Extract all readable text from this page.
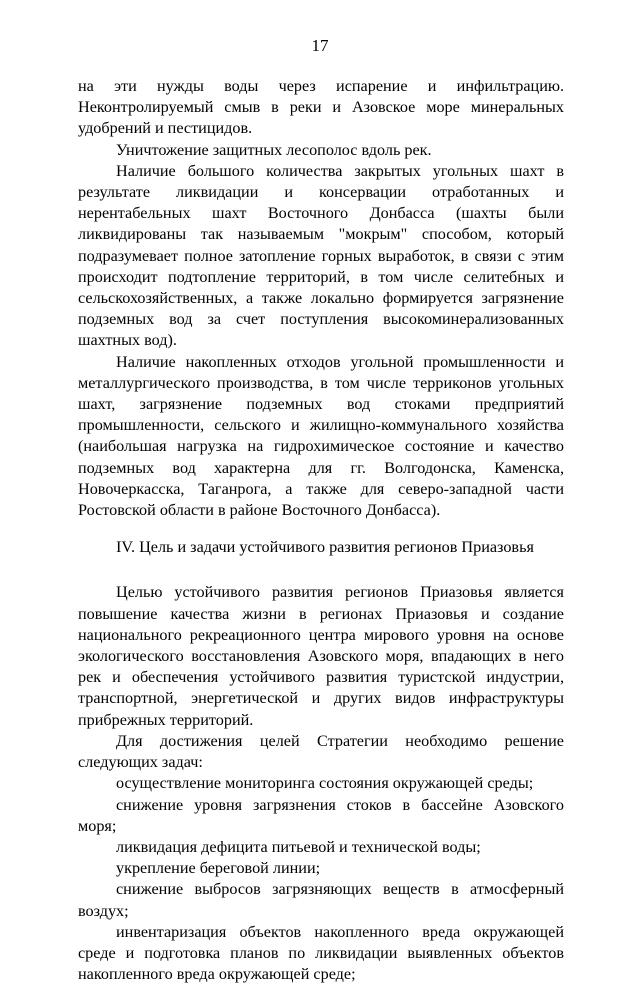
17

на эти нужды воды через испарение и инфильтрацию. Неконтролируемый смыв в реки и Азовское море минеральных удобрений и пестицидов.

Уничтожение защитных лесополос вдоль рек.

Наличие большого количества закрытых угольных шахт в результате ликвидации и консервации отработанных и нерентабельных шахт Восточного Донбасса (шахты были ликвидированы так называемым "мокрым" способом, который подразумевает полное затопление горных выработок, в связи с этим происходит подтопление территорий, в том числе селитебных и сельскохозяйственных, а также локально формируется загрязнение подземных вод за счет поступления высокоминерализованных шахтных вод).

Наличие накопленных отходов угольной промышленности и металлургического производства, в том числе терриконов угольных шахт, загрязнение подземных вод стоками предприятий промышленности, сельского и жилищно-коммунального хозяйства (наибольшая нагрузка на гидрохимическое состояние и качество подземных вод характерна для гг. Волгодонска, Каменска, Новочеркасска, Таганрога, а также для северо-западной части Ростовской области в районе Восточного Донбасса).

IV. Цель и задачи устойчивого развития регионов Приазовья

Целью устойчивого развития регионов Приазовья является повышение качества жизни в регионах Приазовья и создание национального рекреационного центра мирового уровня на основе экологического восстановления Азовского моря, впадающих в него рек и обеспечения устойчивого развития туристской индустрии, транспортной, энергетической и других видов инфраструктуры прибрежных территорий.

Для достижения целей Стратегии необходимо решение следующих задач:

осуществление мониторинга состояния окружающей среды;
снижение уровня загрязнения стоков в бассейне Азовского моря;
ликвидация дефицита питьевой и технической воды;
укрепление береговой линии;
снижение выбросов загрязняющих веществ в атмосферный воздух;
инвентаризация объектов накопленного вреда окружающей среде и подготовка планов по ликвидации выявленных объектов накопленного вреда окружающей среде;
